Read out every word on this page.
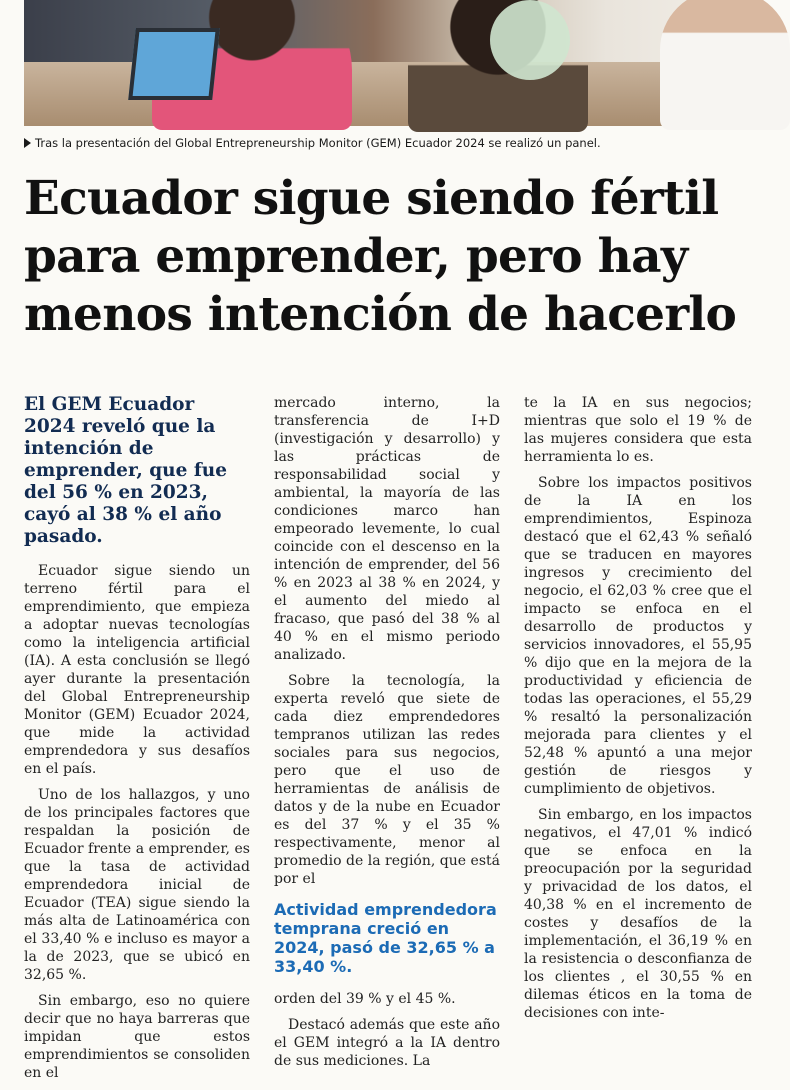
Tras la presentación del Global Entrepreneurship Monitor (GEM) Ecuador 2024 se realizó un panel.
Ecuador sigue siendo fértil para emprender, pero hay menos intención de hacerlo
El GEM Ecuador 2024 reveló que la intención de emprender, que fue del 56 % en 2023, cayó al 38 % el año pasado.

Ecuador sigue siendo un terreno fértil para el emprendimiento, que empieza a adoptar nuevas tecnologías como la inteligencia artificial (IA). A esta conclusión se llegó ayer durante la presentación del Global Entrepreneurship Monitor (GEM) Ecuador 2024, que mide la actividad emprendedora y sus desafíos en el país.

Uno de los hallazgos, y uno de los principales factores que respaldan la posición de Ecuador frente a emprender, es que la tasa de actividad emprendedora inicial de Ecuador (TEA) sigue siendo la más alta de Latinoamérica con el 33,40 % e incluso es mayor a la de 2023, que se ubicó en 32,65 %.

Sin embargo, eso no quiere decir que no haya barreras que impidan que estos emprendimientos se consoliden en el

mercado interno, la transferencia de I+D (investigación y desarrollo) y las prácticas de responsabilidad social y ambiental, la mayoría de las condiciones marco han empeorado levemente, lo cual coincide con el descenso en la intención de emprender, del 56 % en 2023 al 38 % en 2024, y el aumento del miedo al fracaso, que pasó del 38 % al 40 % en el mismo periodo analizado.

Sobre la tecnología, la experta reveló que siete de cada diez emprendedores tempranos utilizan las redes sociales para sus negocios, pero que el uso de herramientas de análisis de datos y de la nube en Ecuador es del 37 % y el 35 % respectivamente, menor al promedio de la región, que está por el

Actividad emprendedora temprana creció en 2024, pasó de 32,65 % a 33,40 %.

orden del 39 % y el 45 %.

Destacó además que este año el GEM integró a la IA dentro de sus mediciones. La

te la IA en sus negocios; mientras que solo el 19 % de las mujeres considera que esta herramienta lo es.

Sobre los impactos positivos de la IA en los emprendimientos, Espinoza destacó que el 62,43 % señaló que se traducen en mayores ingresos y crecimiento del negocio, el 62,03 % cree que el impacto se enfoca en el desarrollo de productos y servicios innovadores, el 55,95 % dijo que en la mejora de la productividad y eficiencia de todas las operaciones, el 55,29 % resaltó la personalización mejorada para clientes y el 52,48 % apuntó a una mejor gestión de riesgos y cumplimiento de objetivos.

Sin embargo, en los impactos negativos, el 47,01 % indicó que se enfoca en la preocupación por la seguridad y privacidad de los datos, el 40,38 % en el incremento de costes y desafíos de la implementación, el 36,19 % en la resistencia o desconfianza de los clientes , el 30,55 % en dilemas éticos en la toma de decisiones con inte-
